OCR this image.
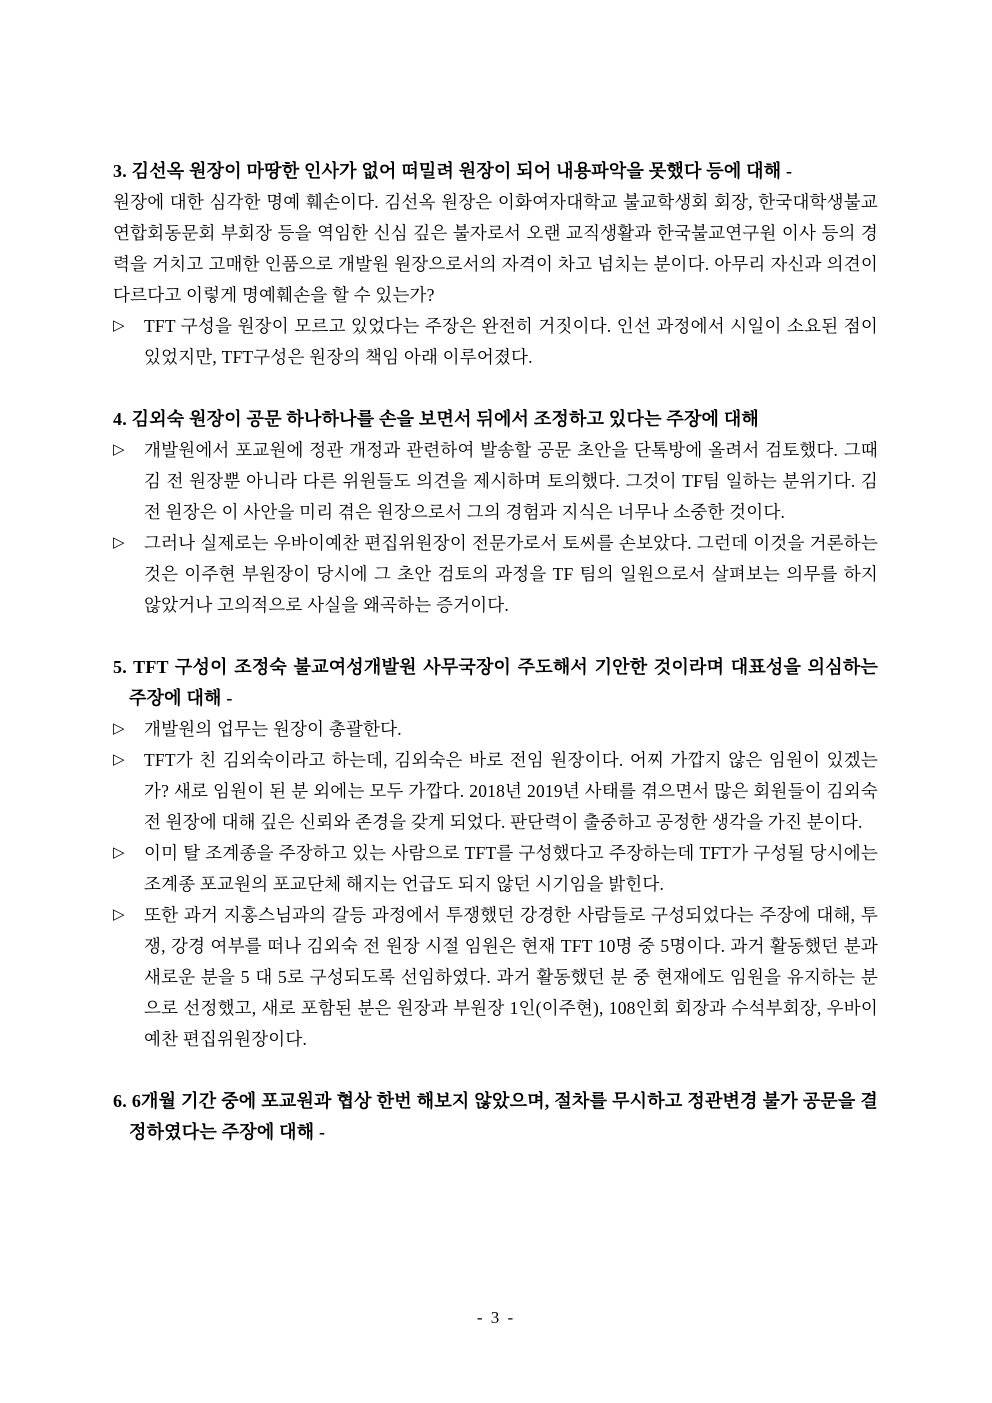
3. 김선옥 원장이 마땅한 인사가 없어 떠밀려 원장이 되어 내용파악을 못했다 등에 대해 -

원장에 대한 심각한 명예 훼손이다. 김선옥 원장은 이화여자대학교 불교학생회 회장, 한국대학생불교연합회동문회 부회장 등을 역임한 신심 깊은 불자로서 오랜 교직생활과 한국불교연구원 이사 등의 경력을 거치고 고매한 인품으로 개발원 원장으로서의 자격이 차고 넘치는 분이다. 아무리 자신과 의견이 다르다고 이렇게 명예훼손을 할 수 있는가?

▷	TFT 구성을 원장이 모르고 있었다는 주장은 완전히 거짓이다. 인선 과정에서 시일이 소요된 점이 있었지만, TFT구성은 원장의 책임 아래 이루어졌다.
4. 김외숙 원장이 공문 하나하나를 손을 보면서 뒤에서 조정하고 있다는 주장에 대해
▷	개발원에서 포교원에 정관 개정과 관련하여 발송할 공문 초안을 단톡방에 올려서 검토했다. 그때 김 전 원장뿐 아니라 다른 위원들도 의견을 제시하며 토의했다. 그것이 TF팀 일하는 분위기다. 김 전 원장은 이 사안을 미리 겪은 원장으로서 그의 경험과 지식은 너무나 소중한 것이다.
▷	그러나 실제로는 우바이예찬 편집위원장이 전문가로서 토씨를 손보았다. 그런데 이것을 거론하는 것은 이주현 부원장이 당시에 그 초안 검토의 과정을 TF 팀의 일원으로서 살펴보는 의무를 하지 않았거나 고의적으로 사실을 왜곡하는 증거이다.
5. TFT 구성이 조정숙 불교여성개발원 사무국장이 주도해서 기안한 것이라며 대표성을 의심하는 주장에 대해 -
▷	개발원의 업무는 원장이 총괄한다.
▷	TFT가 친 김외숙이라고 하는데, 김외숙은 바로 전임 원장이다. 어찌 가깝지 않은 임원이 있겠는가? 새로 임원이 된 분 외에는 모두 가깝다. 2018년 2019년 사태를 겪으면서 많은 회원들이 김외숙 전 원장에 대해 깊은 신뢰와 존경을 갖게 되었다. 판단력이 출중하고 공정한 생각을 가진 분이다.
▷	이미 탈 조계종을 주장하고 있는 사람으로 TFT를 구성했다고 주장하는데 TFT가 구성될 당시에는 조계종 포교원의 포교단체 해지는 언급도 되지 않던 시기임을 밝힌다.
▷	또한 과거 지홍스님과의 갈등 과정에서 투쟁했던 강경한 사람들로 구성되었다는 주장에 대해, 투쟁, 강경 여부를 떠나 김외숙 전 원장 시절 임원은 현재 TFT 10명 중 5명이다. 과거 활동했던 분과 새로운 분을 5 대 5로 구성되도록 선임하였다. 과거 활동했던 분 중 현재에도 임원을 유지하는 분으로 선정했고, 새로 포함된 분은 원장과 부원장 1인(이주현), 108인회 회장과 수석부회장, 우바이예찬 편집위원장이다.
6. 6개월 기간 중에 포교원과 협상 한번 해보지 않았으며, 절차를 무시하고 정관변경 불가 공문을 결정하였다는 주장에 대해 -
- 3 -
